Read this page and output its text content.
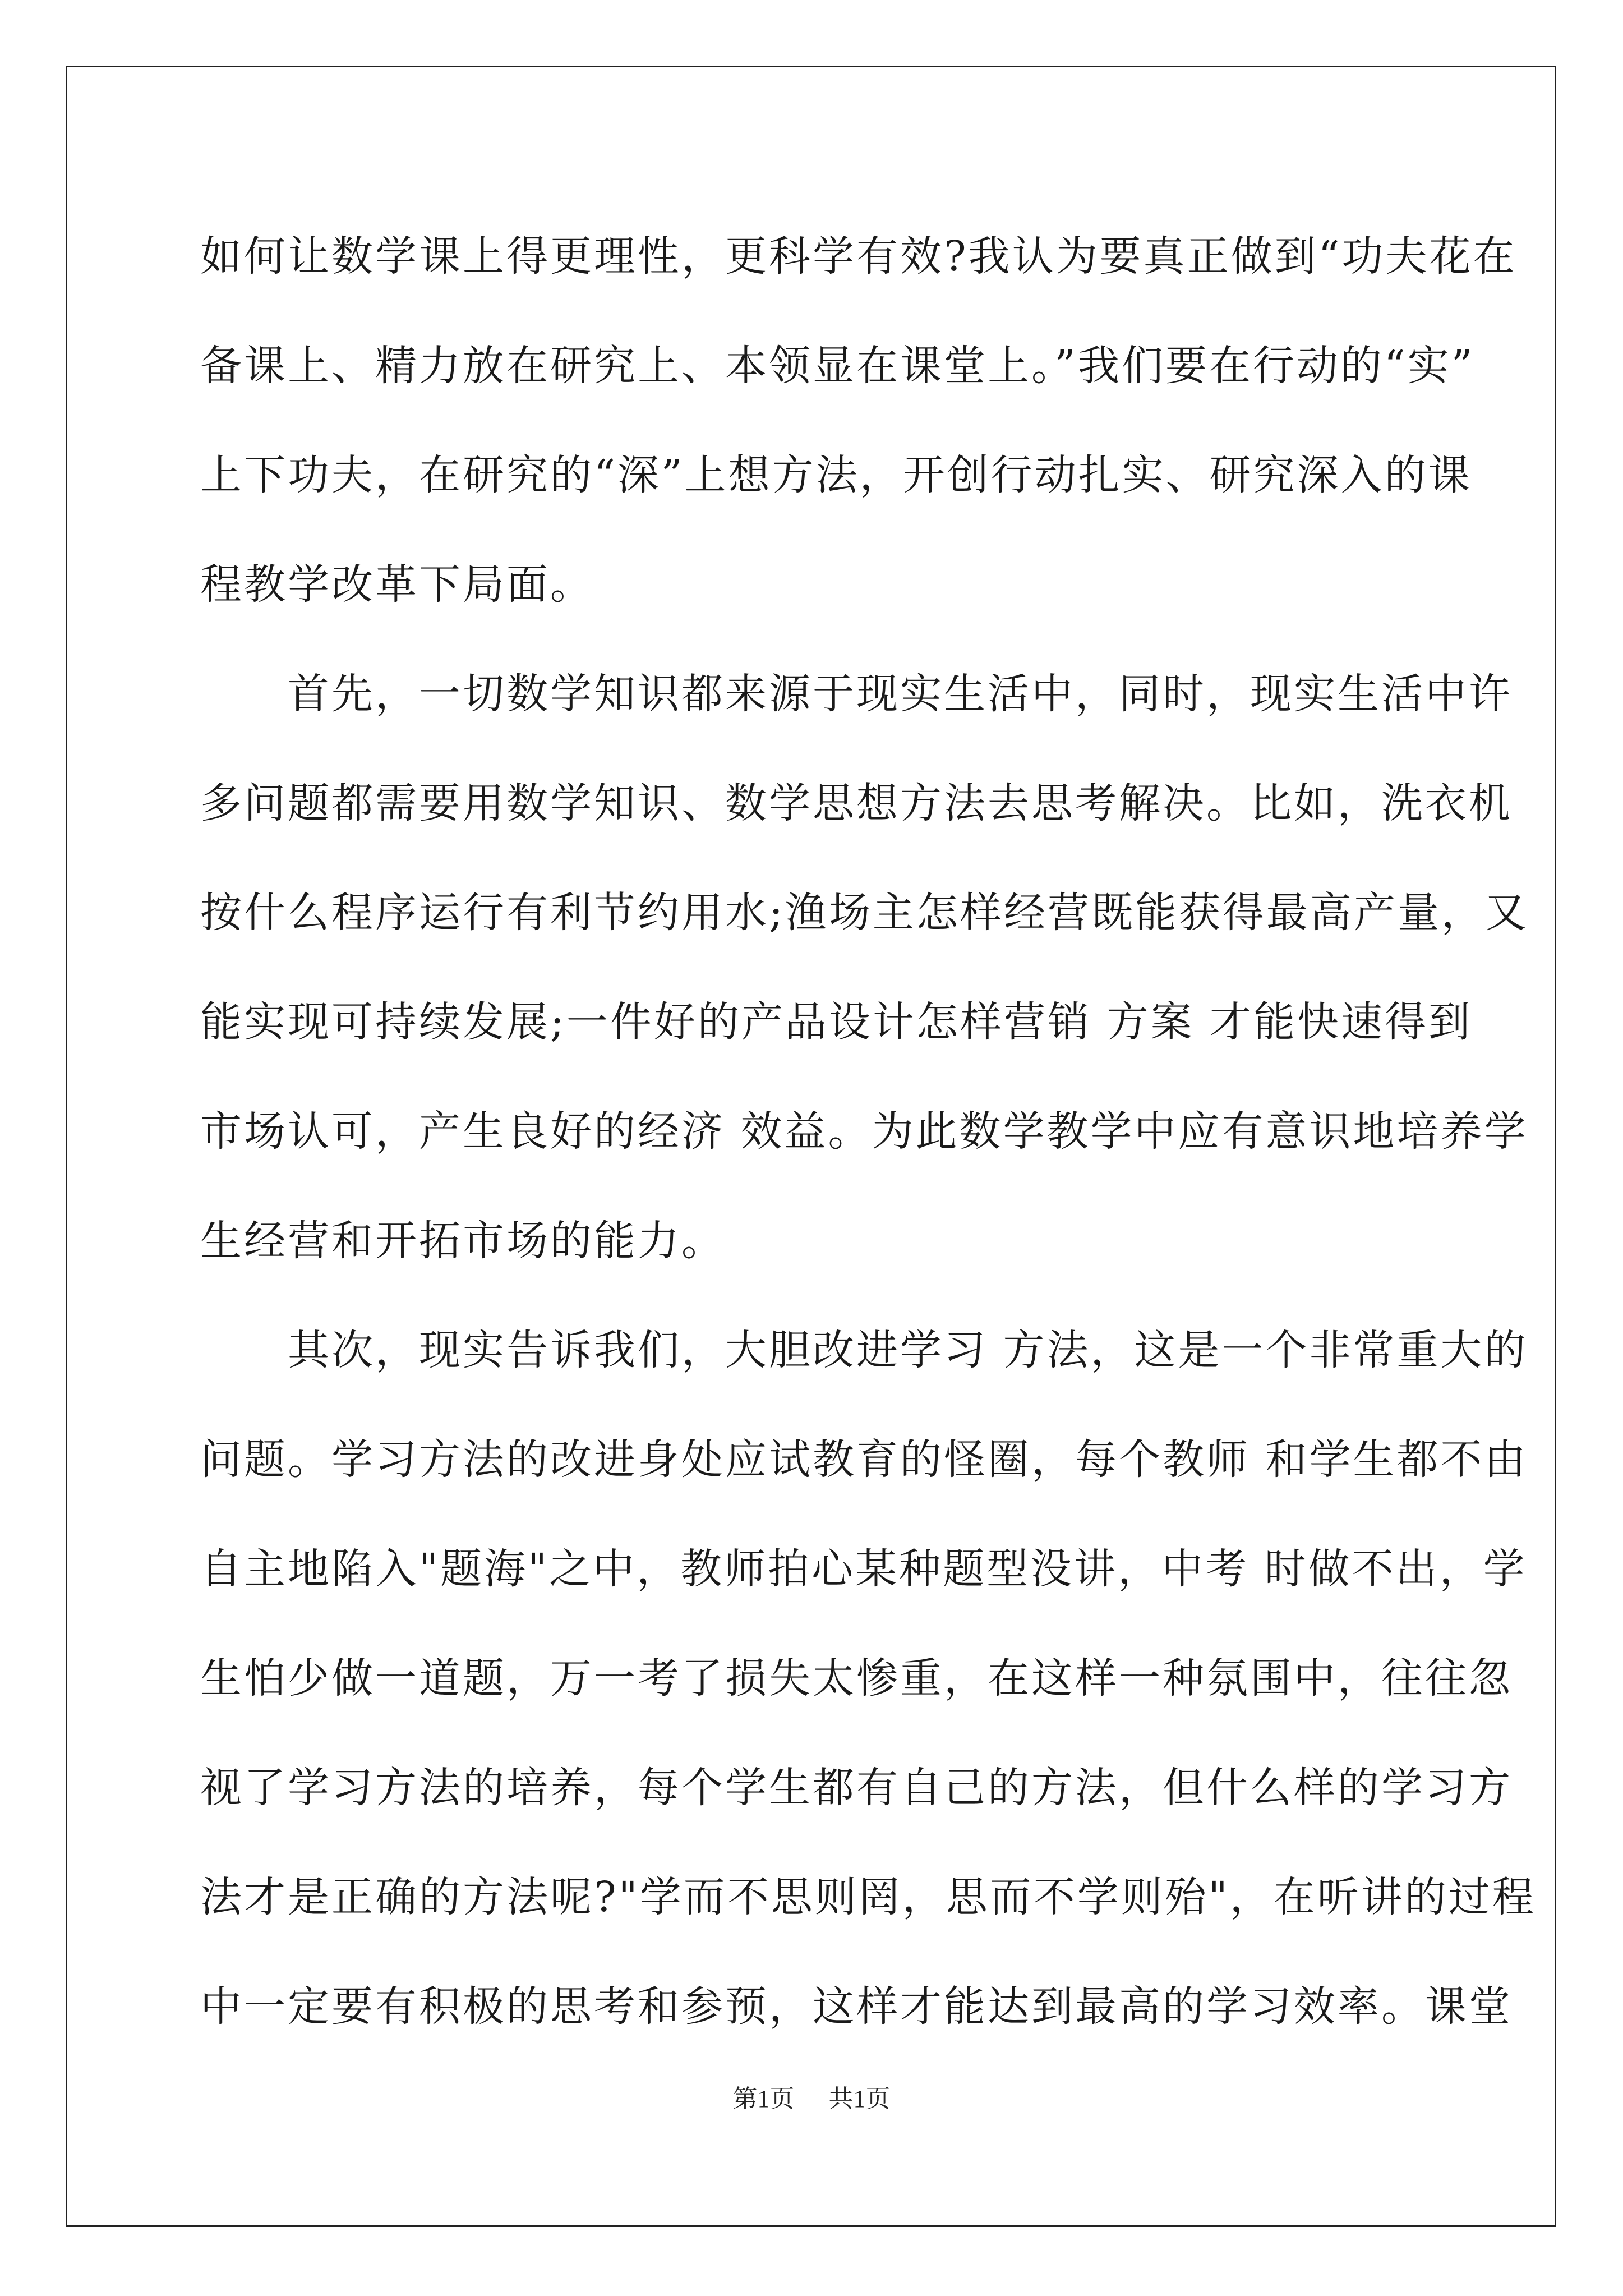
如何让数学课上得更理性，更科学有效?我认为要真正做到“功夫花在
备课上、精力放在研究上、本领显在课堂上。”我们要在行动的“实”
上下功夫，在研究的“深”上想方法，开创行动扎实、研究深入的课
程教学改革下局面。
　　首先，一切数学知识都来源于现实生活中，同时，现实生活中许
多问题都需要用数学知识、数学思想方法去思考解决。比如，洗衣机
按什么程序运行有利节约用水;渔场主怎样经营既能获得最高产量，又
能实现可持续发展;一件好的产品设计怎样营销 方案 才能快速得到
市场认可，产生良好的经济 效益。为此数学教学中应有意识地培养学
生经营和开拓市场的能力。
　　其次，现实告诉我们，大胆改进学习 方法，这是一个非常重大的
问题。学习方法的改进身处应试教育的怪圈，每个教师 和学生都不由
自主地陷入"题海"之中，教师拍心某种题型没讲，中考 时做不出，学
生怕少做一道题，万一考了损失太惨重，在这样一种氛围中，往往忽
视了学习方法的培养，每个学生都有自己的方法，但什么样的学习方
法才是正确的方法呢?"学而不思则罔，思而不学则殆"，在听讲的过程
中一定要有积极的思考和参预，这样才能达到最高的学习效率。课堂
第1页 共1页
